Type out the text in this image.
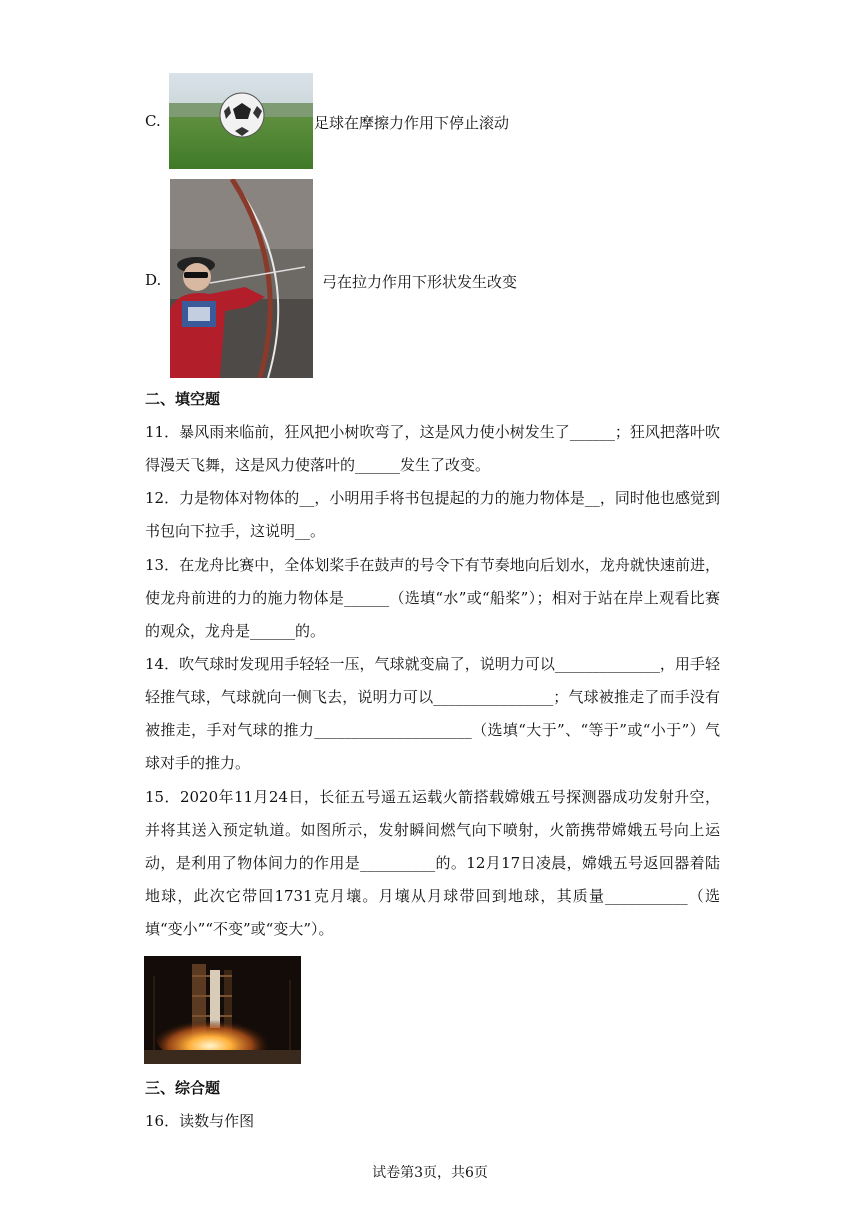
C.	足球在摩擦力作用下停止滚动
D.	弓在拉力作用下形状发生改变
二、填空题

11．暴风雨来临前，狂风把小树吹弯了，这是风力使小树发生了______；狂风把落叶吹得漫天飞舞，这是风力使落叶的______发生了改变。

12．力是物体对物体的__，小明用手将书包提起的力的施力物体是__，同时他也感觉到书包向下拉手，这说明__。

13．在龙舟比赛中，全体划桨手在鼓声的号令下有节奏地向后划水，龙舟就快速前进，使龙舟前进的力的施力物体是______（选填“水”或“船桨”）；相对于站在岸上观看比赛的观众，龙舟是______的。

14．吹气球时发现用手轻轻一压，气球就变扁了，说明力可以______________，用手轻轻推气球，气球就向一侧飞去，说明力可以________________；气球被推走了而手没有被推走，手对气球的推力_____________________（选填“大于”、“等于”或“小于”）气球对手的推力。

15．2020年11月24日，长征五号遥五运载火箭搭载嫦娥五号探测器成功发射升空，并将其送入预定轨道。如图所示，发射瞬间燃气向下喷射，火箭携带嫦娥五号向上运动，是利用了物体间力的作用是__________的。12月17日凌晨，嫦娥五号返回器着陆地球，此次它带回1731克月壤。月壤从月球带回到地球，其质量___________（选填“变小”“不变”或“变大”）。

三、综合题
16．读数与作图
试卷第3页，共6页
